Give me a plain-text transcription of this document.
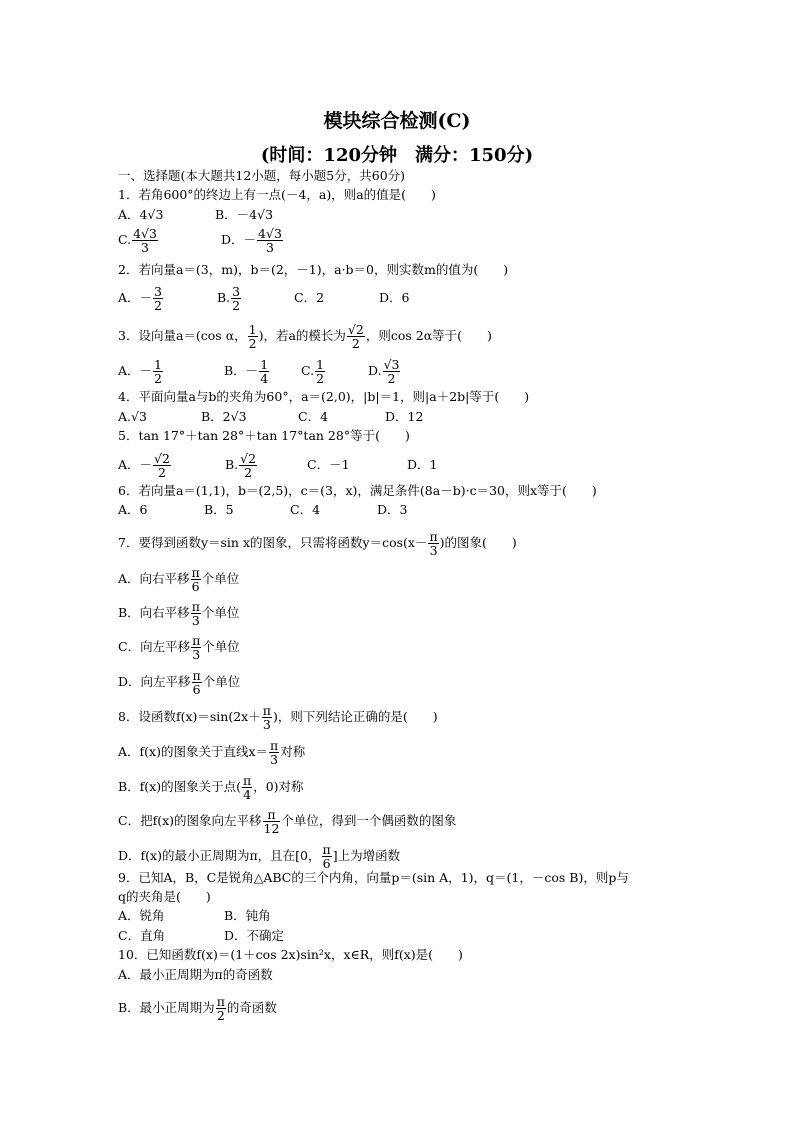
模块综合检测(C)
(时间：120分钟　满分：150分)
一、选择题(本大题共12小题，每小题5分，共60分)
1．若角600°的终边上有一点(－4，a)，则a的值是(　　)
A．4√3	B．－4√3
C. $\frac{4√3}{3}$	D．－ $\frac{4√3}{3}$
2．若向量a＝(3，m)，b＝(2，－1)，a·b＝0，则实数m的值为(　　)
A．－ $\frac{3}{2}$	B. $\frac{3}{2}$	C．2	D．6
3．设向量a＝(cos α， $\frac{1}{2}$ )，若a的模长为 $\frac{√2}{2}$ ，则cos 2α等于(　　)
A．－ $\frac{1}{2}$	B．－ $\frac{1}{4}$	C. $\frac{1}{2}$	D. $\frac{√3}{2}$
4．平面向量a与b的夹角为60°，a＝(2,0)，|b|＝1，则|a＋2b|等于(　　)
A.√3	B．2√3	C．4	D．12
5．tan 17°＋tan 28°＋tan 17°tan 28°等于(　　)
A．－ $\frac{√2}{2}$	B. $\frac{√2}{2}$	C．－1	D．1
6．若向量a＝(1,1)，b＝(2,5)，c＝(3，x)，满足条件(8a－b)·c＝30，则x等于(　　)
A．6	B．5	C．4	D．3
7．要得到函数y＝sin x的图象，只需将函数$y=\cos(x- \frac{\pi}{3}$ )的图象(　　)
A．向右平移 $\frac{\pi}{6}$ 个单位
B．向右平移 $\frac{\pi}{3}$ 个单位
C．向左平移 $\frac{\pi}{3}$ 个单位
D．向左平移 $\frac{\pi}{6}$ 个单位
8．设函数$f(x)=\sin(2x+ \frac{\pi}{3}$ )，则下列结论正确的是(　　)
A．f(x)的图象关于直线$x= \frac{\pi}{3}$ 对称
B．f(x)的图象关于点( $\frac{\pi}{4}$ ，0)对称
C．把f(x)的图象向左平移 $\frac{\pi}{12}$ 个单位，得到一个偶函数的图象
D．f(x)的最小正周期为π，且在[0， $\frac{\pi}{6}$ ]上为增函数
9．已知A，B，C是锐角△ABC的三个内角，向量p＝(sin A，1)，q＝(1，－cos B)，则p与
q的夹角是(　　)
A．锐角	B．钝角
C．直角	D．不确定
10．已知函数f(x)＝(1＋cos 2x)sin²x，x∈R，则f(x)是(　　)
A．最小正周期为π的奇函数
B．最小正周期为 $\frac{\pi}{2}$ 的奇函数
